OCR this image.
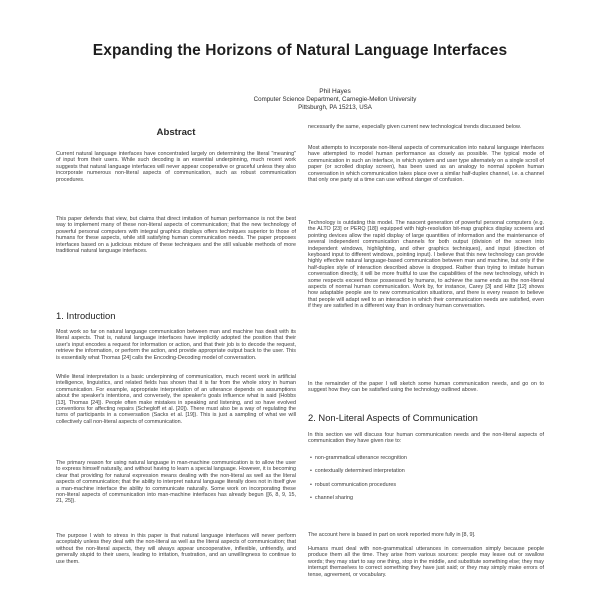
Expanding the Horizons of Natural Language Interfaces
Phil Hayes
Computer Science Department, Carnegie-Mellon University
Pittsburgh, PA 15213, USA
Abstract
Current natural language interfaces have concentrated largely on determining the literal "meaning" of input from their users. While such decoding is an essential underpinning, much recent work suggests that natural language interfaces will never appear cooperative or graceful unless they also incorporate numerous non-literal aspects of communication, such as robust communication procedures.
This paper defends that view, but claims that direct imitation of human performance is not the best way to implement many of these non-literal aspects of communication; that the new technology of powerful personal computers with integral graphics displays offers techniques superior to those of humans for these aspects, while still satisfying human communication needs. The paper proposes interfaces based on a judicious mixture of these techniques and the still valuable methods of more traditional natural language interfaces.
1. Introduction
Most work so far on natural language communication between man and machine has dealt with its literal aspects. That is, natural language interfaces have implicitly adopted the position that their user's input encodes a request for information or action, and that their job is to decode the request, retrieve the information, or perform the action, and provide appropriate output back to the user. This is essentially what Thomas [24] calls the Encoding-Decoding model of conversation.
While literal interpretation is a basic underpinning of communication, much recent work in artificial intelligence, linguistics, and related fields has shown that it is far from the whole story in human communication. For example, appropriate interpretation of an utterance depends on assumptions about the speaker's intentions, and conversely, the speaker's goals influence what is said (Hobbs [13], Thomas [24]). People often make mistakes in speaking and listening, and so have evolved conventions for affecting repairs (Schegloff et al. [20]). There must also be a way of regulating the turns of participants in a conversation (Sacks et al. [19]). This is just a sampling of what we will collectively call non-literal aspects of communication.
The primary reason for using natural language in man-machine communication is to allow the user to express himself naturally, and without having to learn a special language. However, it is becoming clear that providing for natural expression means dealing with the non-literal as well as the literal aspects of communication; that the ability to interpret natural language literally does not in itself give a man-machine interface the ability to communicate naturally. Some work on incorporating these non-literal aspects of communication into man-machine interfaces has already begun ([6, 8, 9, 15, 21, 25]).
The purpose I wish to stress in this paper is that natural language interfaces will never perform acceptably unless they deal with the non-literal as well as the literal aspects of communication; that without the non-literal aspects, they will always appear uncooperative, inflexible, unfriendly, and generally stupid to their users, leading to irritation, frustration, and an unwillingness to continue to use them.
necessarily the same, especially given current new technological trends discussed below.
Most attempts to incorporate non-literal aspects of communication into natural language interfaces have attempted to model human performance as closely as possible. The typical mode of communication in such an interface, in which system and user type alternately on a single scroll of paper (or scrolled display screen), has been used as an analogy to normal spoken human conversation in which communication takes place over a similar half-duplex channel, i.e. a channel that only one party at a time can use without danger of confusion.
Technology is outdating this model. The nascent generation of powerful personal computers (e.g. the ALTO [23] or PERQ [18]) equipped with high-resolution bit-map graphics display screens and pointing devices allow the rapid display of large quantities of information and the maintenance of several independent communication channels for both output (division of the screen into independent windows, highlighting, and other graphics techniques), and input (direction of keyboard input to different windows, pointing input). I believe that this new technology can provide highly effective natural language-based communication between man and machine, but only if the half-duplex style of interaction described above is dropped. Rather than trying to imitate human conversation directly, it will be more fruitful to use the capabilities of the new technology, which in some respects exceed those possessed by humans, to achieve the same ends as the non-literal aspects of normal human communication. Work by, for instance, Carey [3] and Hiltz [12] shows how adaptable people are to new communication situations, and there is every reason to believe that people will adapt well to an interaction in which their communication needs are satisfied, even if they are satisfied in a different way than in ordinary human conversation.
In the remainder of the paper I will sketch some human communication needs, and go on to suggest how they can be satisfied using the technology outlined above.
2. Non-Literal Aspects of Communication
In this section we will discuss four human communication needs and the non-literal aspects of communication they have given rise to:
• non-grammatical utterance recognition
• contextually determined interpretation
• robust communication procedures
• channel sharing
The account here is based in part on work reported more fully in [8, 9].
Humans must deal with non-grammatical utterances in conversation simply because people produce them all the time. They arise from various sources: people may leave out or swallow words; they may start to say one thing, stop in the middle, and substitute something else; they may interrupt themselves to correct something they have just said; or they may simply make errors of tense, agreement, or vocabulary.
